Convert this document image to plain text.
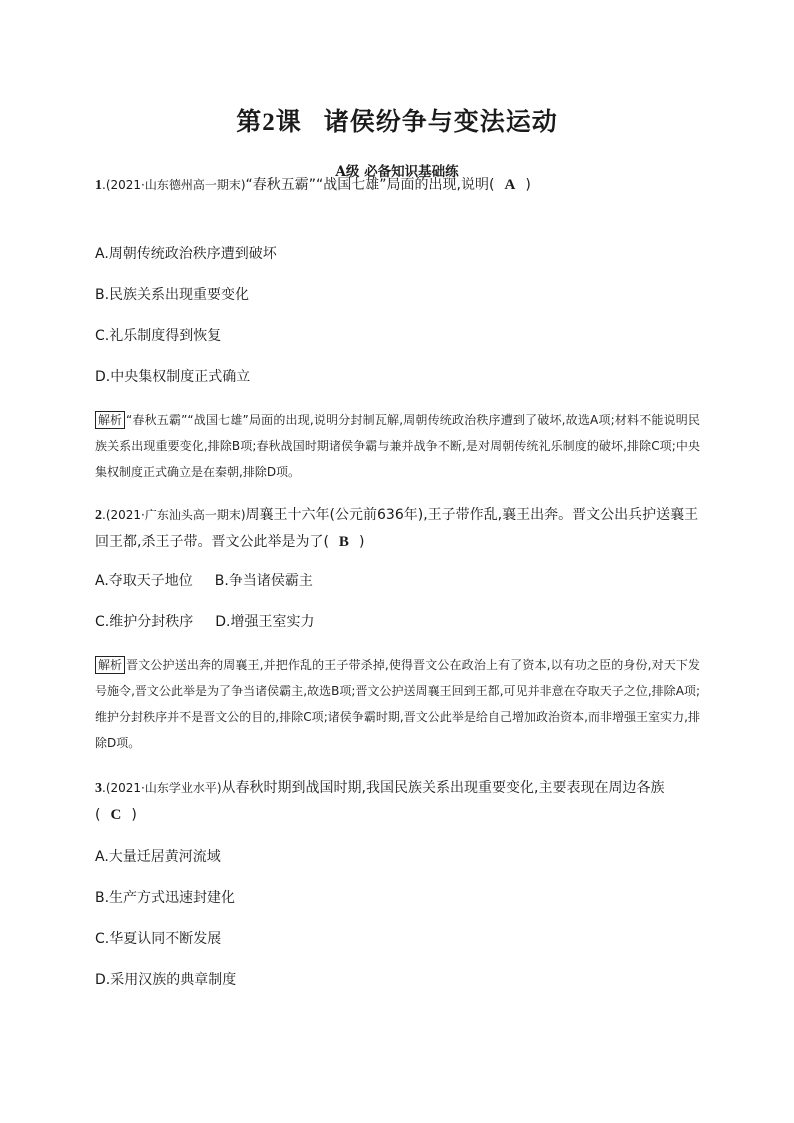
第2课 诸侯纷争与变法运动
A级 必备知识基础练
1.(2021·山东德州高一期末)“春秋五霸”“战国七雄”局面的出现,说明( A )
A.周朝传统政治秩序遭到破坏
B.民族关系出现重要变化
C.礼乐制度得到恢复
D.中央集权制度正式确立
解析 “春秋五霸”“战国七雄”局面的出现,说明分封制瓦解,周朝传统政治秩序遭到了破坏,故选A项;材料不能说明民族关系出现重要变化,排除B项;春秋战国时期诸侯争霸与兼并战争不断,是对周朝传统礼乐制度的破坏,排除C项;中央集权制度正式确立是在秦朝,排除D项。
2.(2021·广东汕头高一期末)周襄王十六年(公元前636年),王子带作乱,襄王出奔。晋文公出兵护送襄王回王都,杀王子带。晋文公此举是为了( B )
A.夺取天子地位 B.争当诸侯霸主
C.维护分封秩序 D.增强王室实力
解析 晋文公护送出奔的周襄王,并把作乱的王子带杀掉,使得晋文公在政治上有了资本,以有功之臣的身份,对天下发号施令,晋文公此举是为了争当诸侯霸主,故选B项;晋文公护送周襄王回到王都,可见并非意在夺取天子之位,排除A项;维护分封秩序并不是晋文公的目的,排除C项;诸侯争霸时期,晋文公此举是给自己增加政治资本,而非增强王室实力,排除D项。
3.(2021·山东学业水平)从春秋时期到战国时期,我国民族关系出现重要变化,主要表现在周边各族
( C )
A.大量迁居黄河流域
B.生产方式迅速封建化
C.华夏认同不断发展
D.采用汉族的典章制度
